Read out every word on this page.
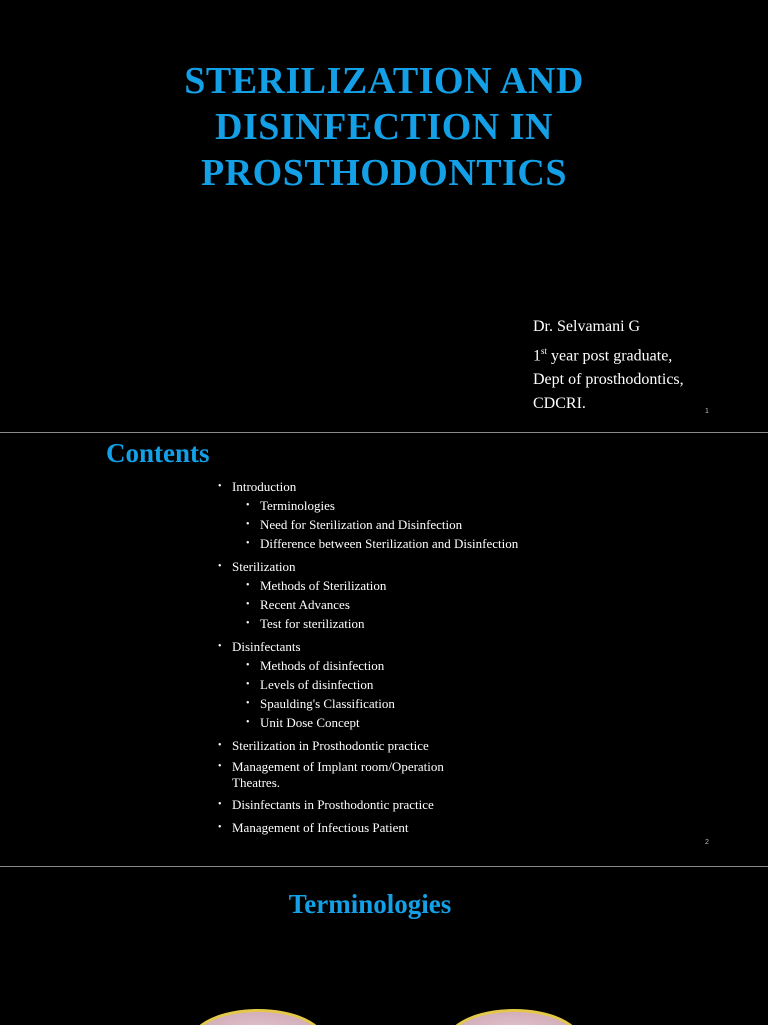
STERILIZATION AND
DISINFECTION IN
PROSTHODONTICS
Dr. Selvamani G
1st year post graduate,
Dept of prosthodontics,
CDCRI.	1
Contents
• Introduction
• Terminologies
• Need for Sterilization and Disinfection
• Difference between Sterilization and Disinfection
• Sterilization
• Methods of Sterilization
• Recent Advances
• Test for sterilization
• Disinfectants
• Methods of disinfection
• Levels of disinfection
• Spaulding's Classification
• Unit Dose Concept
• Sterilization in Prosthodontic practice
• Management of Implant room/Operation Theatres.
• Disinfectants in Prosthodontic practice
• Management of Infectious Patient
2
Terminologies
